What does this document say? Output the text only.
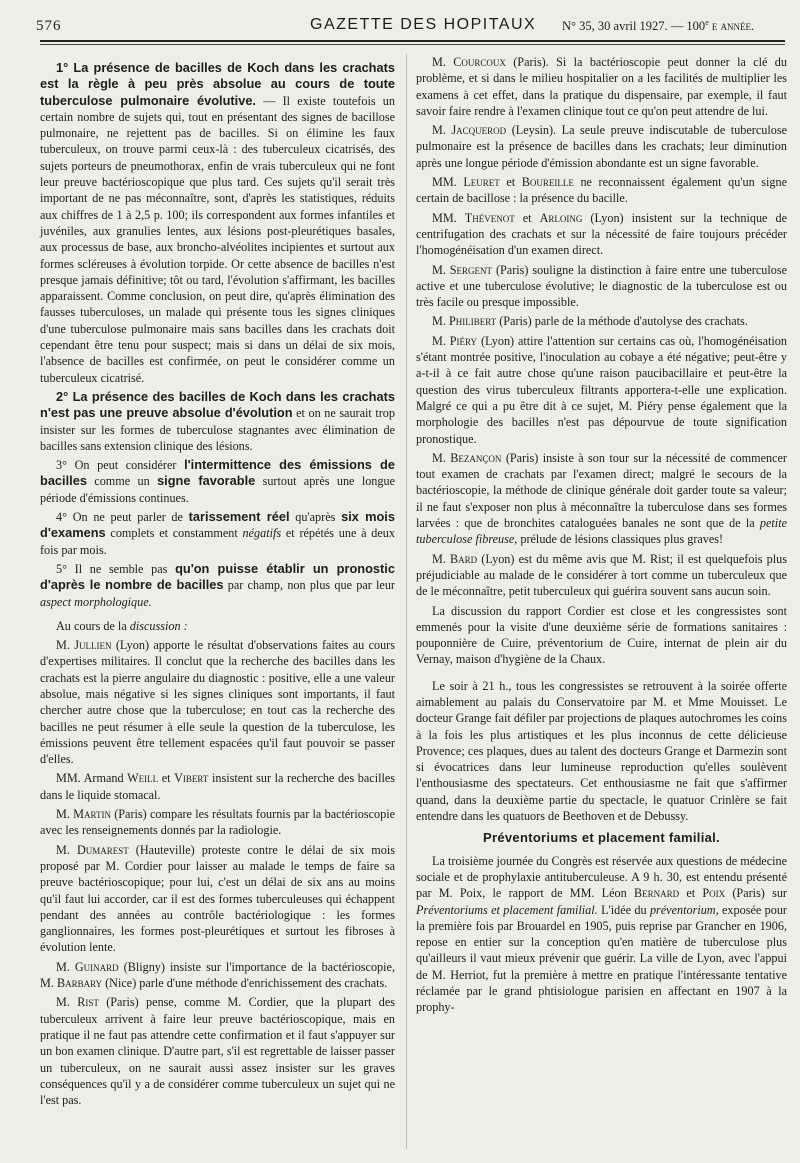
576	GAZETTE DES HOPITAUX N° 35, 30 avril 1927. — 100e e année.

1° La présence de bacilles de Koch dans les crachats est la règle à peu près absolue au cours de toute tuberculose pulmonaire évolutive. — Il existe toutefois un certain nombre de sujets qui, tout en présentant des signes de bacillose pulmonaire, ne rejettent pas de bacilles. Si on élimine les faux tuberculeux, on trouve parmi ceux-là : des tuberculeux cicatrisés, des sujets porteurs de pneumothorax, enfin de vrais tuberculeux qui ne font leur preuve bactérioscopique que plus tard. Ces sujets qu'il serait très important de ne pas méconnaître, sont, d'après les statistiques, réduits aux chiffres de 1 à 2,5 p. 100; ils correspondent aux formes infantiles et juvéniles, aux granulies lentes, aux lésions post-pleurétiques basales, aux processus de base, aux broncho-alvéolites incipientes et surtout aux formes scléreuses à évolution torpide. Or cette absence de bacilles n'est presque jamais définitive; tôt ou tard, l'évolution s'affirmant, les bacilles apparaissent. Comme conclusion, on peut dire, qu'après élimination des fausses tuberculoses, un malade qui présente tous les signes cliniques d'une tuberculose pulmonaire mais sans bacilles dans les crachats doit cependant être tenu pour suspect; mais si dans un délai de six mois, l'absence de bacilles est confirmée, on peut le considérer comme un tuberculeux cicatrisé.

2° La présence des bacilles de Koch dans les crachats n'est pas une preuve absolue d'évolution et on ne saurait trop insister sur les formes de tuberculose stagnantes avec élimination de bacilles sans extension clinique des lésions.

3° On peut considérer l'intermittence des émissions de bacilles comme un signe favorable surtout après une longue période d'émissions continues.

4° On ne peut parler de tarissement réel qu'après six mois d'examens complets et constamment négatifs et répétés une à deux fois par mois.

5° Il ne semble pas qu'on puisse établir un pronostic d'après le nombre de bacilles par champ, non plus que par leur aspect morphologique.

Au cours de la discussion :

M. Jullien (Lyon) apporte le résultat d'observations faites au cours d'expertises militaires. Il conclut que la recherche des bacilles dans les crachats est la pierre angulaire du diagnostic : positive, elle a une valeur absolue, mais négative si les signes cliniques sont importants, il faut chercher autre chose que la tuberculose; en tout cas la recherche des bacilles ne peut résumer à elle seule la question de la tuberculose, les émissions peuvent être tellement espacées qu'il faut pouvoir se passer d'elles.

MM. Armand Weill et Vibert insistent sur la recherche des bacilles dans le liquide stomacal.

M. Martin (Paris) compare les résultats fournis par la bactérioscopie avec les renseignements donnés par la radiologie.

M. Dumarest (Hauteville) proteste contre le délai de six mois proposé par M. Cordier pour laisser au malade le temps de faire sa preuve bactérioscopique; pour lui, c'est un délai de six ans au moins qu'il faut lui accorder, car il est des formes tuberculeuses qui échappent pendant des années au contrôle bactériologique : les formes ganglionnaires, les formes post-pleurétiques et surtout les fibroses à évolution lente.

M. Guinard (Bligny) insiste sur l'importance de la bactérioscopie, M. Barbary (Nice) parle d'une méthode d'enrichissement des crachats.

M. Rist (Paris) pense, comme M. Cordier, que la plupart des tuberculeux arrivent à faire leur preuve bactérioscopique, mais en pratique il ne faut pas attendre cette confirmation et il faut s'appuyer sur un bon examen clinique. D'autre part, s'il est regrettable de laisser passer un tuberculeux, on ne saurait aussi assez insister sur les graves conséquences qu'il y a de considérer comme tuberculeux un sujet qui ne l'est pas.

M. Courcoux (Paris). Si la bactérioscopie peut donner la clé du problème, et si dans le milieu hospitalier on a les facilités de multiplier les examens à cet effet, dans la pratique du dispensaire, par exemple, il faut savoir faire rendre à l'examen clinique tout ce qu'on peut attendre de lui.

M. Jacquerod (Leysin). La seule preuve indiscutable de tuberculose pulmonaire est la présence de bacilles dans les crachats; leur diminution après une longue période d'émission abondante est un signe favorable.

MM. Leuret et Boureille ne reconnaissent également qu'un signe certain de bacillose : la présence du bacille.

MM. Thévenot et Arloing (Lyon) insistent sur la technique de centrifugation des crachats et sur la nécessité de faire toujours précéder l'homogénéisation d'un examen direct.

M. Sergent (Paris) souligne la distinction à faire entre une tuberculose active et une tuberculose évolutive; le diagnostic de la tuberculose est ou très facile ou presque impossible.

M. Philibert (Paris) parle de la méthode d'autolyse des crachats.

M. Piéry (Lyon) attire l'attention sur certains cas où, l'homogénéisation s'étant montrée positive, l'inoculation au cobaye a été négative; peut-être y a-t-il à ce fait autre chose qu'une raison paucibacillaire et peut-être la question des virus tuberculeux filtrants apportera-t-elle une explication. Malgré ce qui a pu être dit à ce sujet, M. Piéry pense également que la morphologie des bacilles n'est pas dépourvue de toute signification pronostique.

M. Bezançon (Paris) insiste à son tour sur la nécessité de commencer tout examen de crachats par l'examen direct; malgré le secours de la bactérioscopie, la méthode de clinique générale doit garder toute sa valeur; il ne faut s'exposer non plus à méconnaître la tuberculose dans ses formes larvées : que de bronchites cataloguées banales ne sont que de la petite tuberculose fibreuse, prélude de lésions classiques plus graves!

M. Bard (Lyon) est du même avis que M. Rist; il est quelquefois plus préjudiciable au malade de le considérer à tort comme un tuberculeux que de le méconnaître, petit tuberculeux qui guérira souvent sans aucun soin.

La discussion du rapport Cordier est close et les congressistes sont emmenés pour la visite d'une deuxième série de formations sanitaires : pouponnière de Cuire, préventorium de Cuire, internat de plein air du Vernay, maison d'hygiène de la Chaux.

Le soir à 21 h., tous les congressistes se retrouvent à la soirée offerte aimablement au palais du Conservatoire par M. et Mme Mouisset. Le docteur Grange fait défiler par projections de plaques autochromes les coins à la fois les plus artistiques et les plus inconnus de cette délicieuse Provence; ces plaques, dues au talent des docteurs Grange et Darmezin sont si évocatrices dans leur lumineuse reproduction qu'elles soulèvent l'enthousiasme des spectateurs. Cet enthousiasme ne fait que s'affirmer quand, dans la deuxième partie du spectacle, le quatuor Crinlère se fait entendre dans les quatuors de Beethoven et de Debussy.

Préventoriums et placement familial.

La troisième journée du Congrès est réservée aux questions de médecine sociale et de prophylaxie antituberculeuse. A 9 h. 30, est entendu présenté par M. Poix, le rapport de MM. Léon Bernard et Poix (Paris) sur Préventoriums et placement familial. L'idée du préventorium, exposée pour la première fois par Brouardel en 1905, puis reprise par Grancher en 1906, repose en entier sur la conception qu'en matière de tuberculose plus qu'ailleurs il vaut mieux prévenir que guérir. La ville de Lyon, avec l'appui de M. Herriot, fut la première à mettre en pratique l'intéressante tentative réclamée par le grand phtisiologue parisien en affectant en 1907 à la prophy-
